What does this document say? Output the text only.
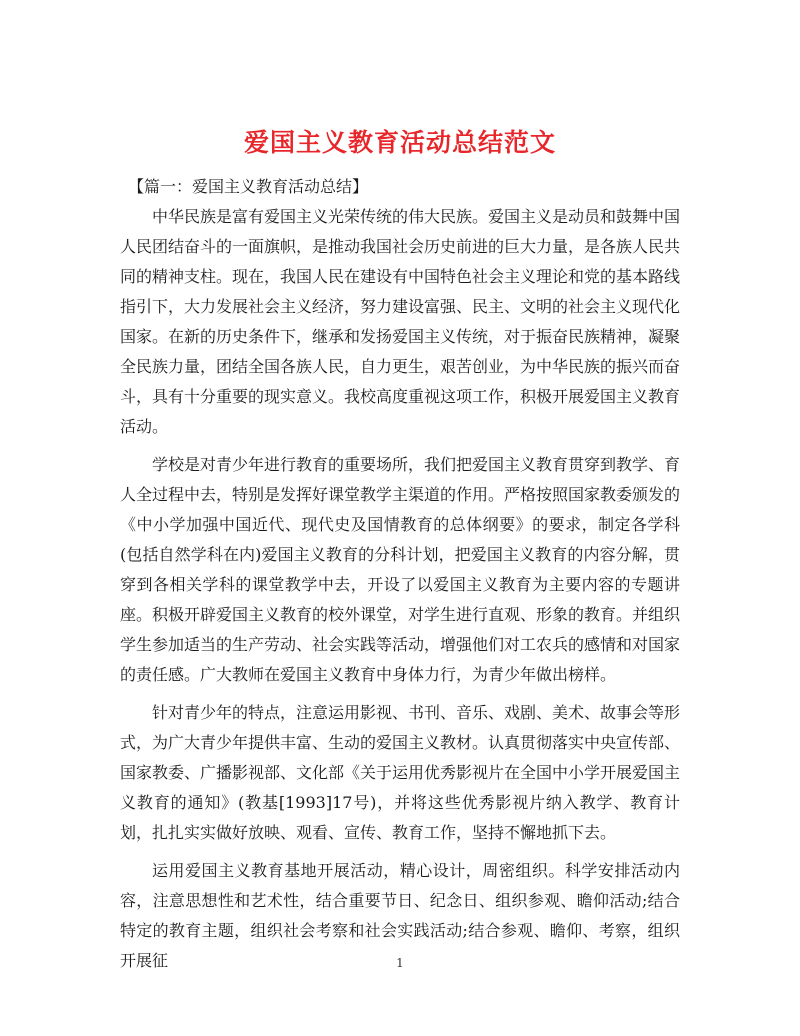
爱国主义教育活动总结范文

【篇一：爱国主义教育活动总结】

中华民族是富有爱国主义光荣传统的伟大民族。爱国主义是动员和鼓舞中国人民团结奋斗的一面旗帜，是推动我国社会历史前进的巨大力量，是各族人民共同的精神支柱。现在，我国人民在建设有中国特色社会主义理论和党的基本路线指引下，大力发展社会主义经济，努力建设富强、民主、文明的社会主义现代化国家。在新的历史条件下，继承和发扬爱国主义传统，对于振奋民族精神，凝聚全民族力量，团结全国各族人民，自力更生，艰苦创业，为中华民族的振兴而奋斗，具有十分重要的现实意义。我校高度重视这项工作，积极开展爱国主义教育活动。

学校是对青少年进行教育的重要场所，我们把爱国主义教育贯穿到教学、育人全过程中去，特别是发挥好课堂教学主渠道的作用。严格按照国家教委颁发的《中小学加强中国近代、现代史及国情教育的总体纲要》的要求，制定各学科(包括自然学科在内)爱国主义教育的分科计划，把爱国主义教育的内容分解，贯穿到各相关学科的课堂教学中去，开设了以爱国主义教育为主要内容的专题讲座。积极开辟爱国主义教育的校外课堂，对学生进行直观、形象的教育。并组织学生参加适当的生产劳动、社会实践等活动，增强他们对工农兵的感情和对国家的责任感。广大教师在爱国主义教育中身体力行，为青少年做出榜样。

针对青少年的特点，注意运用影视、书刊、音乐、戏剧、美术、故事会等形式，为广大青少年提供丰富、生动的爱国主义教材。认真贯彻落实中央宣传部、国家教委、广播影视部、文化部《关于运用优秀影视片在全国中小学开展爱国主义教育的通知》(教基[1993]17号)，并将这些优秀影视片纳入教学、教育计划，扎扎实实做好放映、观看、宣传、教育工作，坚持不懈地抓下去。

运用爱国主义教育基地开展活动，精心设计，周密组织。科学安排活动内容，注意思想性和艺术性，结合重要节日、纪念日、组织参观、瞻仰活动;结合特定的教育主题，组织社会考察和社会实践活动;结合参观、瞻仰、考察，组织开展征	1
